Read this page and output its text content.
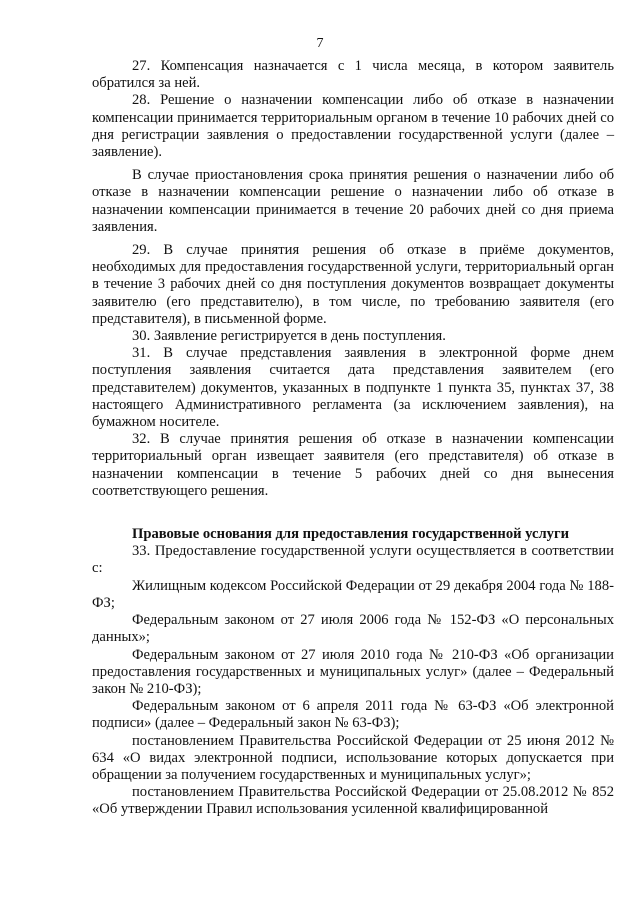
7

27. Компенсация назначается с 1 числа месяца, в котором заявитель обратился за ней.

28. Решение о назначении компенсации либо об отказе в назначении компенсации принимается территориальным органом в течение 10 рабочих дней со дня регистрации заявления о предоставлении государственной услуги (далее – заявление).

В случае приостановления срока принятия решения о назначении либо об отказе в назначении компенсации решение о назначении либо об отказе в назначении компенсации принимается в течение 20 рабочих дней со дня приема заявления.

29. В случае принятия решения об отказе в приёме документов, необходимых для предоставления государственной услуги, территориальный орган в течение 3 рабочих дней со дня поступления документов возвращает документы заявителю (его представителю), в том числе, по требованию заявителя (его представителя), в письменной форме.

30. Заявление регистрируется в день поступления.

31. В случае представления заявления в электронной форме днем поступления заявления считается дата представления заявителем (его представителем) документов, указанных в подпункте 1 пункта 35, пунктах 37, 38 настоящего Административного регламента (за исключением заявления), на бумажном носителе.

32. В случае принятия решения об отказе в назначении компенсации территориальный орган извещает заявителя (его представителя) об отказе в назначении компенсации в течение 5 рабочих дней со дня вынесения соответствующего решения.

Правовые основания для предоставления государственной услуги

33. Предоставление государственной услуги осуществляется в соответствии с:

Жилищным кодексом Российской Федерации от 29 декабря 2004 года № 188-ФЗ;

Федеральным законом от 27 июля 2006 года № 152-ФЗ «О персональных данных»;

Федеральным законом от 27 июля 2010 года № 210-ФЗ «Об организации предоставления государственных и муниципальных услуг» (далее – Федеральный закон № 210-ФЗ);

Федеральным законом от 6 апреля 2011 года № 63-ФЗ «Об электронной подписи» (далее – Федеральный закон № 63-ФЗ);

постановлением Правительства Российской Федерации от 25 июня 2012 № 634 «О видах электронной подписи, использование которых допускается при обращении за получением государственных и муниципальных услуг»;

постановлением Правительства Российской Федерации от 25.08.2012 № 852 «Об утверждении Правил использования усиленной квалифицированной
